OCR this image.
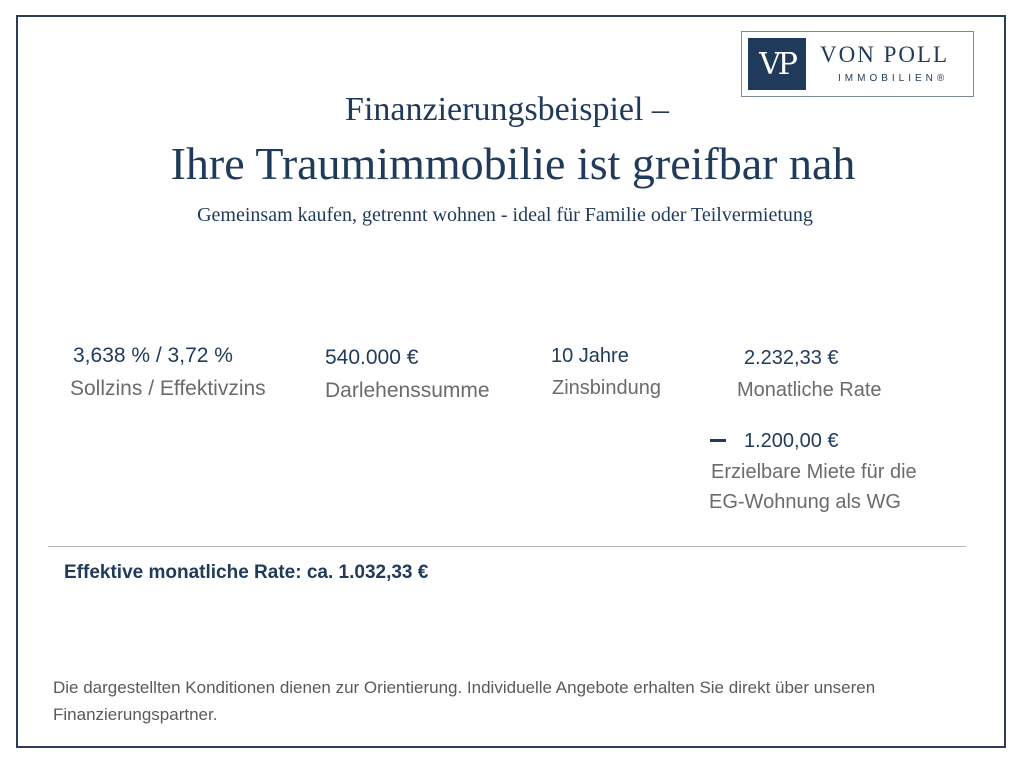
VP	VON POLL
IMMOBILIEN®
Finanzierungsbeispiel –
Ihre Traumimmobilie ist greifbar nah
Gemeinsam kaufen, getrennt wohnen - ideal für Familie oder Teilvermietung
3,638 % / 3,72 %
Sollzins / Effektivzins
540.000 €
Darlehenssumme
10 Jahre
Zinsbindung
2.232,33 €
Monatliche Rate
1.200,00 €
Erzielbare Miete für die
EG-Wohnung als WG
Effektive monatliche Rate: ca. 1.032,33 €
Die dargestellten Konditionen dienen zur Orientierung. Individuelle Angebote erhalten Sie direkt über unseren Finanzierungspartner.
